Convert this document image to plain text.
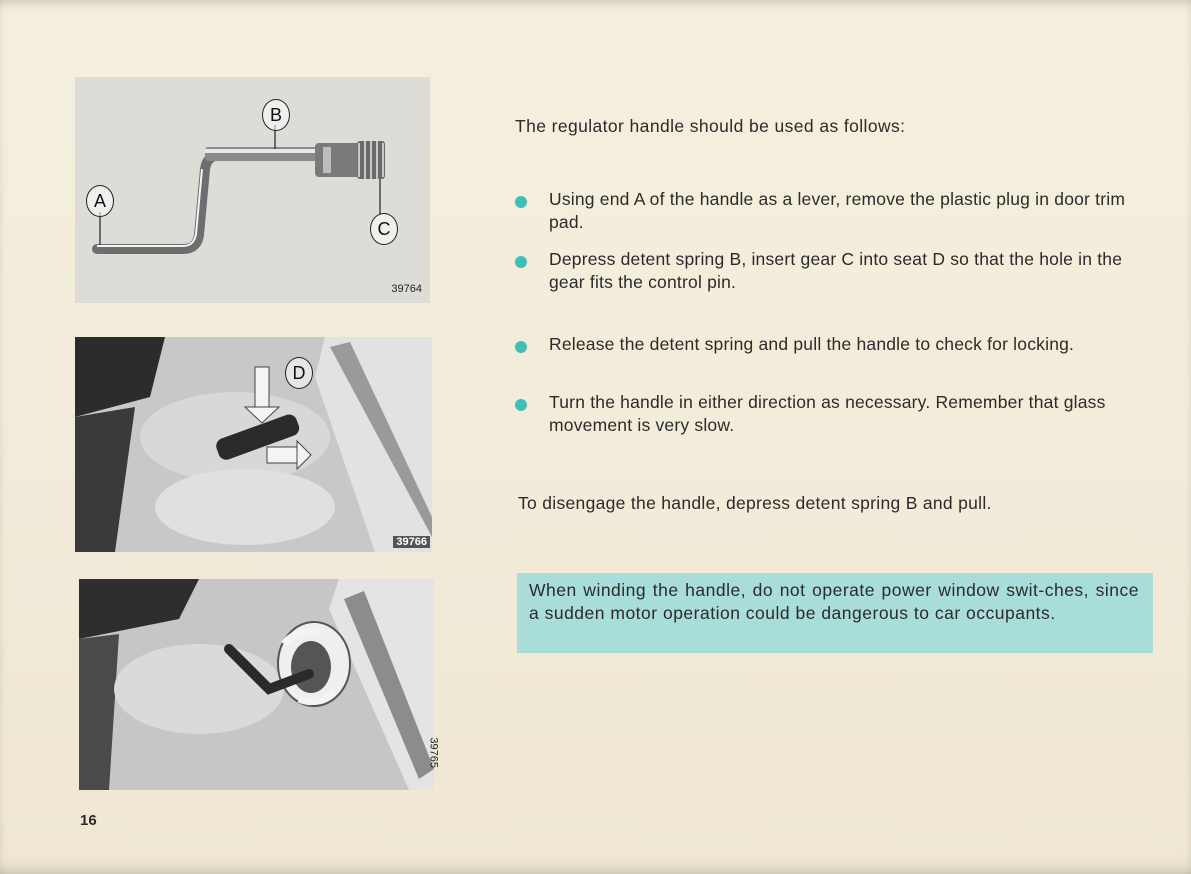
B
A
C
39764
D
39766
39765

The regulator handle should be used as follows:

Using end A of the handle as a lever, remove the plastic plug in door trim pad.
Depress detent spring B, insert gear C into seat D so that the hole in the gear fits the control pin.
Release the detent spring and pull the handle to check for locking.
Turn the handle in either direction as necessary. Remember that glass movement is very slow.

To disengage the handle, depress detent spring B and pull.

When winding the handle, do not operate power window swit-ches, since a sudden motor operation could be dangerous to car occupants.
16
